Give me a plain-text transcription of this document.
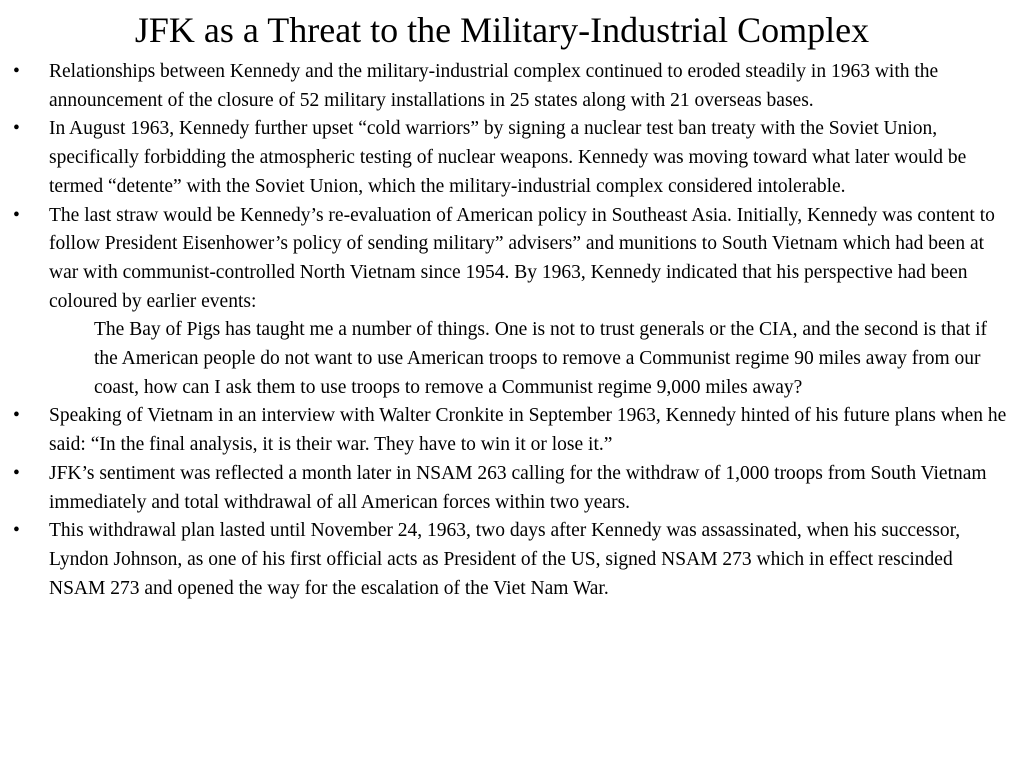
JFK as a Threat to the Military-Industrial Complex
•	Relationships between Kennedy and the military-industrial complex continued to eroded steadily in 1963 with the announcement of the closure of 52 military installations in 25 states along with 21 overseas bases.
•	In August 1963, Kennedy further upset “cold warriors” by signing a nuclear test ban treaty with the Soviet Union, specifically forbidding the atmospheric testing of nuclear weapons. Kennedy was moving toward what later would be termed “detente” with the Soviet Union, which the military-industrial complex considered intolerable.
•	The last straw would be Kennedy’s re-evaluation of American policy in Southeast Asia. Initially, Kennedy was content to follow President Eisenhower’s policy of sending military” advisers” and munitions to South Vietnam which had been at war with communist-controlled North Vietnam since 1954. By 1963, Kennedy indicated that his perspective had been coloured by earlier events:
The Bay of Pigs has taught me a number of things. One is not to trust generals or the CIA, and the second is that if the American people do not want to use American troops to remove a Communist regime 90 miles away from our coast, how can I ask them to use troops to remove a Communist regime 9,000 miles away?
•	Speaking of Vietnam in an interview with Walter Cronkite in September 1963, Kennedy hinted of his future plans when he said: “In the final analysis, it is their war. They have to win it or lose it.”
•	JFK’s sentiment was reflected a month later in NSAM 263 calling for the withdraw of 1,000 troops from South Vietnam immediately and total withdrawal of all American forces within two years.
•	This withdrawal plan lasted until November 24, 1963, two days after Kennedy was assassinated, when his successor, Lyndon Johnson, as one of his first official acts as President of the US, signed NSAM 273 which in effect rescinded NSAM 273 and opened the way for the escalation of the Viet Nam War.
